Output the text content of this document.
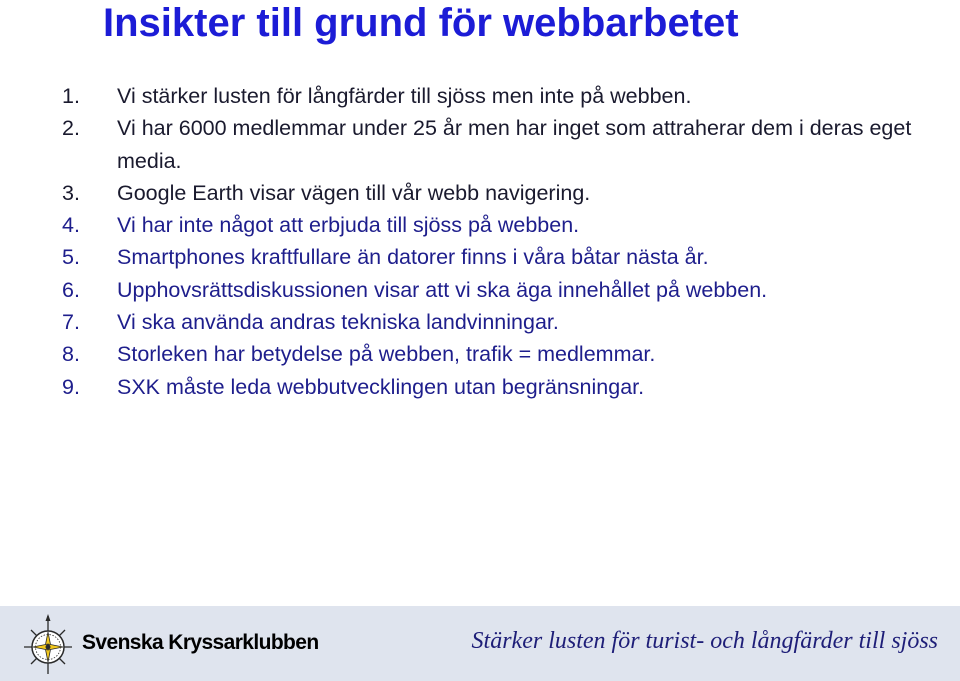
Insikter till grund för webbarbetet
1. Vi stärker lusten för långfärder till sjöss men inte på webben.
2. Vi har 6000 medlemmar under 25 år men har inget som attraherar dem i deras eget media.
3. Google Earth visar vägen till vår webb navigering.
4. Vi har inte något att erbjuda till sjöss på webben.
5. Smartphones kraftfullare än datorer finns i våra båtar nästa år.
6. Upphovsrättsdiskussionen visar att vi ska äga innehållet på webben.
7. Vi ska använda andras tekniska landvinningar.
8. Storleken har betydelse på webben, trafik = medlemmar.
9. SXK måste leda webbutvecklingen utan begränsningar.
Svenska Kryssarklubben	Stärker lusten för turist- och långfärder till sjöss
